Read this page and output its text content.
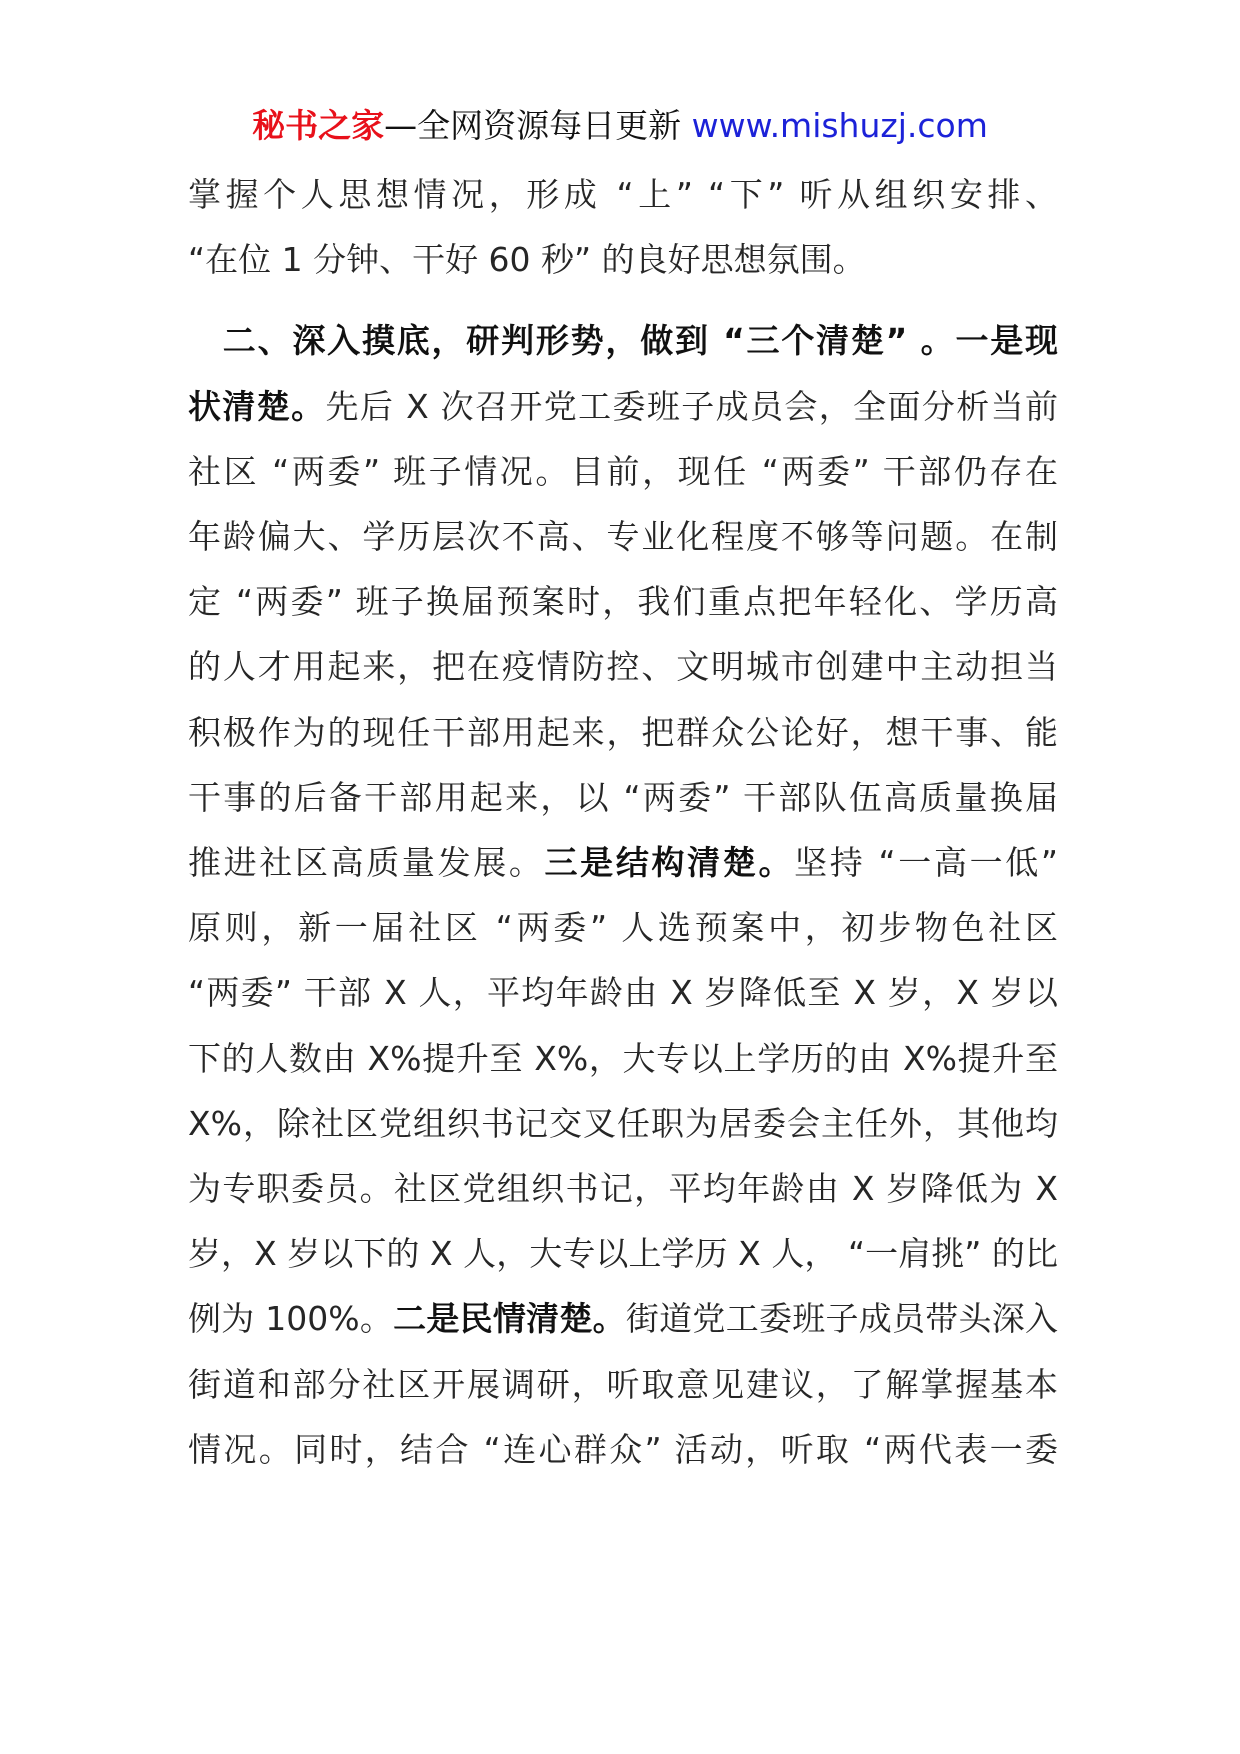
秘书之家—全网资源每日更新 www.mishuzj.com

掌握个人思想情况，形成 “上” “下” 听从组织安排、
“在位 1 分钟、干好 60 秒” 的良好思想氛围。

　二、深入摸底，研判形势，做到 “三个清楚” 。一是现
状清楚。先后 X 次召开党工委班子成员会，全面分析当前
社区 “两委” 班子情况。目前，现任 “两委” 干部仍存在
年龄偏大、学历层次不高、专业化程度不够等问题。在制
定 “两委” 班子换届预案时，我们重点把年轻化、学历高
的人才用起来，把在疫情防控、文明城市创建中主动担当
积极作为的现任干部用起来，把群众公论好，想干事、能
干事的后备干部用起来，以 “两委” 干部队伍高质量换届
推进社区高质量发展。三是结构清楚。坚持 “一高一低”
原则，新一届社区 “两委” 人选预案中，初步物色社区
“两委” 干部 X 人，平均年龄由 X 岁降低至 X 岁，X 岁以
下的人数由 X%提升至 X%，大专以上学历的由 X%提升至
X%，除社区党组织书记交叉任职为居委会主任外，其他均
为专职委员。社区党组织书记，平均年龄由 X 岁降低为 X
岁，X 岁以下的 X 人，大专以上学历 X 人， “一肩挑” 的比
例为 100%。二是民情清楚。街道党工委班子成员带头深入
街道和部分社区开展调研，听取意见建议，了解掌握基本
情况。同时，结合 “连心群众” 活动，听取 “两代表一委
